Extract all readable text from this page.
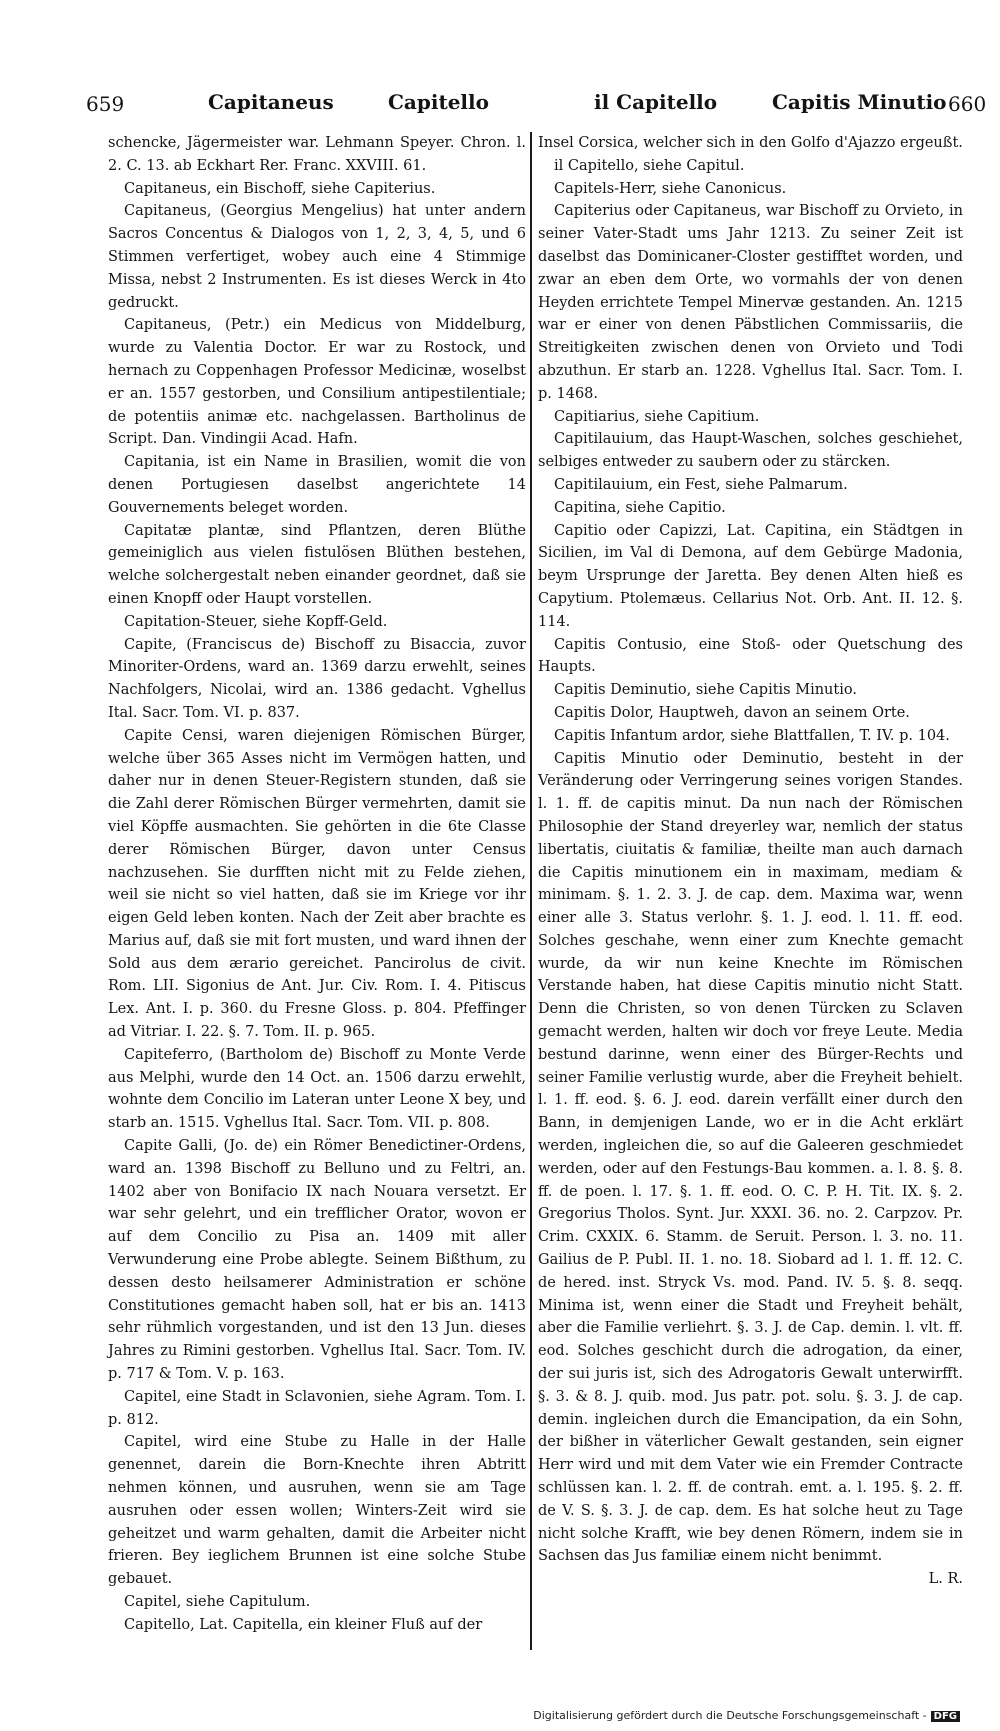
659	Capitaneus	Capitello	il Capitello	Capitis Minutio 660

schencke, Jägermeister war. Lehmann Speyer. Chron. l. 2. C. 13. ab Eckhart Rer. Franc. XXVIII. 61.

Capitaneus, ein Bischoff, siehe Capiterius.

Capitaneus, (Georgius Mengelius) hat unter andern Sacros Concentus & Dialogos von 1, 2, 3, 4, 5, und 6 Stimmen verfertiget, wobey auch eine 4 Stimmige Missa, nebst 2 Instrumenten. Es ist dieses Werck in 4to gedruckt.

Capitaneus, (Petr.) ein Medicus von Middelburg, wurde zu Valentia Doctor. Er war zu Rostock, und hernach zu Coppenhagen Professor Medicinæ, woselbst er an. 1557 gestorben, und Consilium antipestilentiale; de potentiis animæ etc. nachgelassen. Bartholinus de Script. Dan. Vindingii Acad. Hafn.

Capitania, ist ein Name in Brasilien, womit die von denen Portugiesen daselbst angerichtete 14 Gouvernements beleget worden.

Capitatæ plantæ, sind Pflantzen, deren Blüthe gemeiniglich aus vielen fistulösen Blüthen bestehen, welche solchergestalt neben einander geordnet, daß sie einen Knopff oder Haupt vorstellen.

Capitation-Steuer, siehe Kopff-Geld.

Capite, (Franciscus de) Bischoff zu Bisaccia, zuvor Minoriter-Ordens, ward an. 1369 darzu erwehlt, seines Nachfolgers, Nicolai, wird an. 1386 gedacht. Vghellus Ital. Sacr. Tom. VI. p. 837.

Capite Censi, waren diejenigen Römischen Bürger, welche über 365 Asses nicht im Vermögen hatten, und daher nur in denen Steuer-Registern stunden, daß sie die Zahl derer Römischen Bürger vermehrten, damit sie viel Köpffe ausmachten. Sie gehörten in die 6te Classe derer Römischen Bürger, davon unter Census nachzusehen. Sie durfften nicht mit zu Felde ziehen, weil sie nicht so viel hatten, daß sie im Kriege vor ihr eigen Geld leben konten. Nach der Zeit aber brachte es Marius auf, daß sie mit fort musten, und ward ihnen der Sold aus dem ærario gereichet. Pancirolus de civit. Rom. LII. Sigonius de Ant. Jur. Civ. Rom. I. 4. Pitiscus Lex. Ant. I. p. 360. du Fresne Gloss. p. 804. Pfeffinger ad Vitriar. I. 22. §. 7. Tom. II. p. 965.

Capiteferro, (Bartholom de) Bischoff zu Monte Verde aus Melphi, wurde den 14 Oct. an. 1506 darzu erwehlt, wohnte dem Concilio im Lateran unter Leone X bey, und starb an. 1515. Vghellus Ital. Sacr. Tom. VII. p. 808.

Capite Galli, (Jo. de) ein Römer Benedictiner-Ordens, ward an. 1398 Bischoff zu Belluno und zu Feltri, an. 1402 aber von Bonifacio IX nach Nouara versetzt. Er war sehr gelehrt, und ein trefflicher Orator, wovon er auf dem Concilio zu Pisa an. 1409 mit aller Verwunderung eine Probe ablegte. Seinem Bißthum, zu dessen desto heilsamerer Administration er schöne Constitutiones gemacht haben soll, hat er bis an. 1413 sehr rühmlich vorgestanden, und ist den 13 Jun. dieses Jahres zu Rimini gestorben. Vghellus Ital. Sacr. Tom. IV. p. 717 & Tom. V. p. 163.

Capitel, eine Stadt in Sclavonien, siehe Agram. Tom. I. p. 812.

Capitel, wird eine Stube zu Halle in der Halle genennet, darein die Born-Knechte ihren Abtritt nehmen können, und ausruhen, wenn sie am Tage ausruhen oder essen wollen; Winters-Zeit wird sie geheitzet und warm gehalten, damit die Arbeiter nicht frieren. Bey ieglichem Brunnen ist eine solche Stube gebauet.

Capitel, siehe Capitulum.

Capitello, Lat. Capitella, ein kleiner Fluß auf der

Insel Corsica, welcher sich in den Golfo d'Ajazzo ergeußt.

il Capitello, siehe Capitul.

Capitels-Herr, siehe Canonicus.

Capiterius oder Capitaneus, war Bischoff zu Orvieto, in seiner Vater-Stadt ums Jahr 1213. Zu seiner Zeit ist daselbst das Dominicaner-Closter gestifftet worden, und zwar an eben dem Orte, wo vormahls der von denen Heyden errichtete Tempel Minervæ gestanden. An. 1215 war er einer von denen Päbstlichen Commissariis, die Streitigkeiten zwischen denen von Orvieto und Todi abzuthun. Er starb an. 1228. Vghellus Ital. Sacr. Tom. I. p. 1468.

Capitiarius, siehe Capitium.

Capitilauium, das Haupt-Waschen, solches geschiehet, selbiges entweder zu saubern oder zu stärcken.

Capitilauium, ein Fest, siehe Palmarum.

Capitina, siehe Capitio.

Capitio oder Capizzi, Lat. Capitina, ein Städtgen in Sicilien, im Val di Demona, auf dem Gebürge Madonia, beym Ursprunge der Jaretta. Bey denen Alten hieß es Capytium. Ptolemæus. Cellarius Not. Orb. Ant. II. 12. §. 114.

Capitis Contusio, eine Stoß- oder Quetschung des Haupts.

Capitis Deminutio, siehe Capitis Minutio.

Capitis Dolor, Hauptweh, davon an seinem Orte.

Capitis Infantum ardor, siehe Blattfallen, T. IV. p. 104.

Capitis Minutio oder Deminutio, besteht in der Veränderung oder Verringerung seines vorigen Standes. l. 1. ff. de capitis minut. Da nun nach der Römischen Philosophie der Stand dreyerley war, nemlich der status libertatis, ciuitatis & familiæ, theilte man auch darnach die Capitis minutionem ein in maximam, mediam & minimam. §. 1. 2. 3. J. de cap. dem. Maxima war, wenn einer alle 3. Status verlohr. §. 1. J. eod. l. 11. ff. eod. Solches geschahe, wenn einer zum Knechte gemacht wurde, da wir nun keine Knechte im Römischen Verstande haben, hat diese Capitis minutio nicht Statt. Denn die Christen, so von denen Türcken zu Sclaven gemacht werden, halten wir doch vor freye Leute. Media bestund darinne, wenn einer des Bürger-Rechts und seiner Familie verlustig wurde, aber die Freyheit behielt. l. 1. ff. eod. §. 6. J. eod. darein verfällt einer durch den Bann, in demjenigen Lande, wo er in die Acht erklärt werden, ingleichen die, so auf die Galeeren geschmiedet werden, oder auf den Festungs-Bau kommen. a. l. 8. §. 8. ff. de poen. l. 17. §. 1. ff. eod. O. C. P. H. Tit. IX. §. 2. Gregorius Tholos. Synt. Jur. XXXI. 36. no. 2. Carpzov. Pr. Crim. CXXIX. 6. Stamm. de Seruit. Person. l. 3. no. 11. Gailius de P. Publ. II. 1. no. 18. Siobard ad l. 1. ff. 12. C. de hered. inst. Stryck Vs. mod. Pand. IV. 5. §. 8. seqq. Minima ist, wenn einer die Stadt und Freyheit behält, aber die Familie verliehrt. §. 3. J. de Cap. demin. l. vlt. ff. eod. Solches geschicht durch die adrogation, da einer, der sui juris ist, sich des Adrogatoris Gewalt unterwirfft. §. 3. & 8. J. quib. mod. Jus patr. pot. solu. §. 3. J. de cap. demin. ingleichen durch die Emancipation, da ein Sohn, der bißher in väterlicher Gewalt gestanden, sein eigner Herr wird und mit dem Vater wie ein Fremder Contracte schlüssen kan. l. 2. ff. de contrah. emt. a. l. 195. §. 2. ff. de V. S. §. 3. J. de cap. dem. Es hat solche heut zu Tage nicht solche Krafft, wie bey denen Römern, indem sie in Sachsen das Jus familiæ einem nicht benimmt.

L. R.

Digitalisierung gefördert durch die Deutsche Forschungsgemeinschaft - DFG
